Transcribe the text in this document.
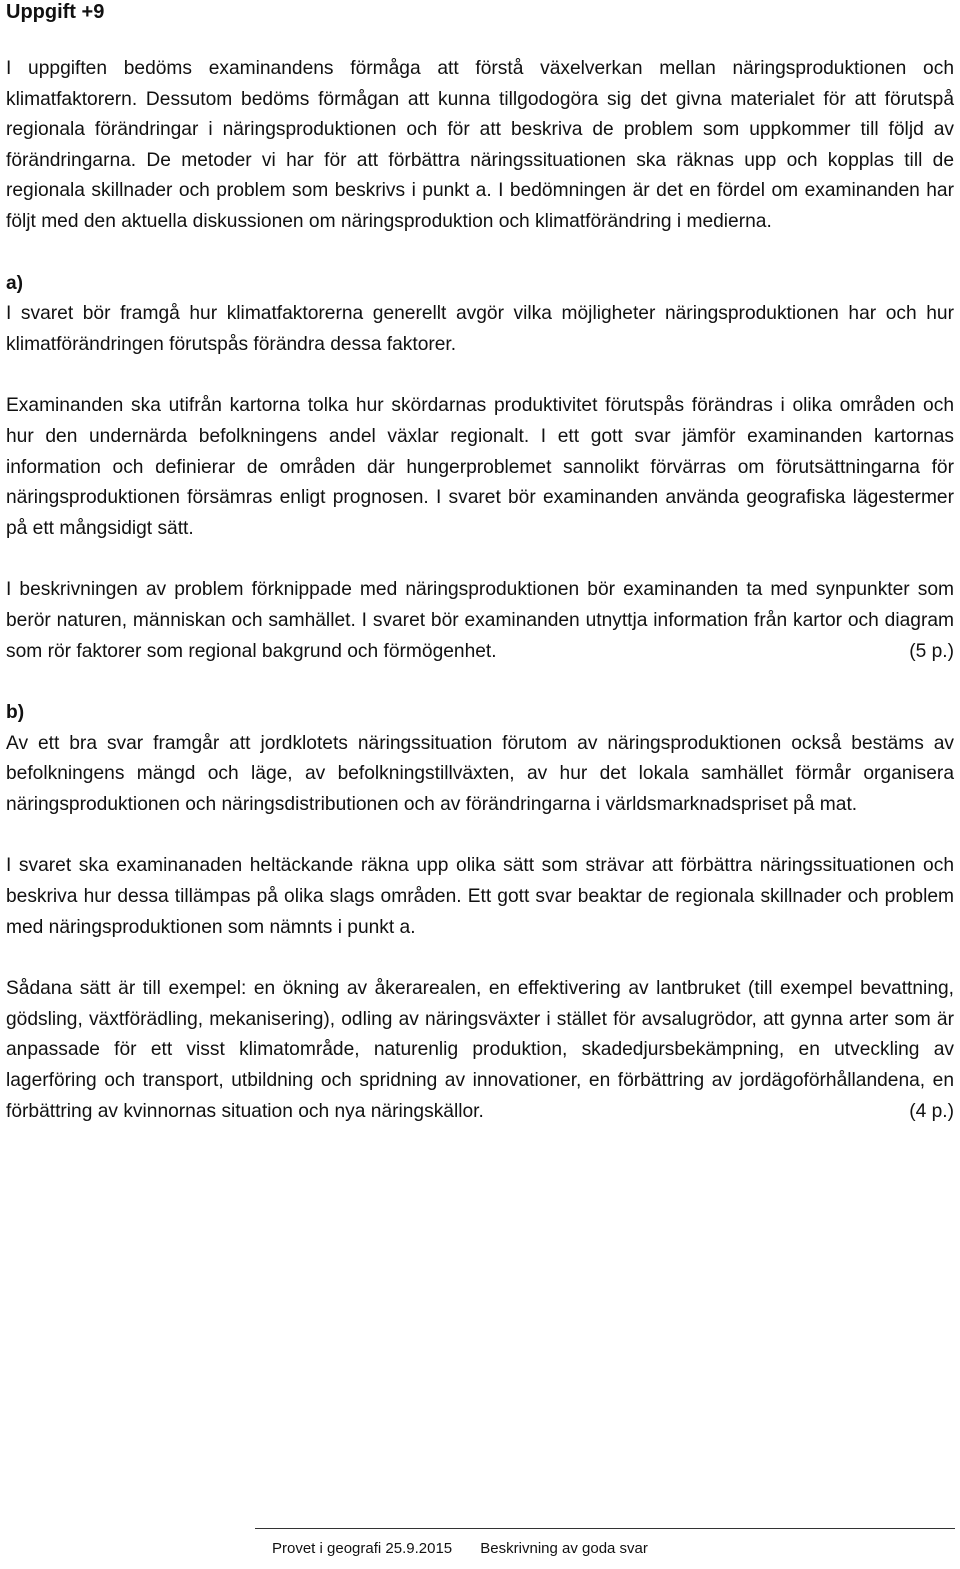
Uppgift +9

I uppgiften bedöms examinandens förmåga att förstå växelverkan mellan näringsproduktionen och klimatfaktorern. Dessutom bedöms förmågan att kunna tillgodogöra sig det givna materialet för att förutspå regionala förändringar i näringsproduktionen och för att beskriva de problem som uppkommer till följd av förändringarna. De metoder vi har för att förbättra näringssituationen ska räknas upp och kopplas till de regionala skillnader och problem som beskrivs i punkt a. I bedömningen är det en fördel om examinanden har följt med den aktuella diskussionen om näringsproduktion och klimatförändring i medierna.

a)

I svaret bör framgå hur klimatfaktorerna generellt avgör vilka möjligheter näringsproduktionen har och hur klimatförändringen förutspås förändra dessa faktorer.

Examinanden ska utifrån kartorna tolka hur skördarnas produktivitet förutspås förändras i olika områden och hur den undernärda befolkningens andel växlar regionalt. I ett gott svar jämför examinanden kartornas information och definierar de områden där hungerproblemet sannolikt förvärras om förutsättningarna för näringsproduktionen försämras enligt prognosen. I svaret bör examinanden använda geografiska lägestermer på ett mångsidigt sätt.

I beskrivningen av problem förknippade med näringsproduktionen bör examinanden ta med synpunkter som berör naturen, människan och samhället. I svaret bör examinanden utnyttja information från kartor och diagram som rör faktorer som regional bakgrund och förmögenhet.	(5 p.)

b)

Av ett bra svar framgår att jordklotets näringssituation förutom av näringsproduktionen också bestäms av befolkningens mängd och läge, av befolkningstillväxten, av hur det lokala samhället förmår organisera näringsproduktionen och näringsdistributionen och av förändringarna i världsmarknadspriset på mat.

I svaret ska examinanaden heltäckande räkna upp olika sätt som strävar att förbättra näringssituationen och beskriva hur dessa tillämpas på olika slags områden. Ett gott svar beaktar de regionala skillnader och problem med näringsproduktionen som nämnts i punkt a.

Sådana sätt är till exempel: en ökning av åkerarealen, en effektivering av lantbruket (till exempel bevattning, gödsling, växtförädling, mekanisering), odling av näringsväxter i stället för avsalugrödor, att gynna arter som är anpassade för ett visst klimatområde, naturenlig produktion, skadedjursbekämpning, en utveckling av lagerföring och transport, utbildning och spridning av innovationer, en förbättring av jordägoförhållandena, en förbättring av kvinnornas situation och nya näringskällor.	(4 p.)

Provet i geografi 25.9.2015 Beskrivning av goda svar
